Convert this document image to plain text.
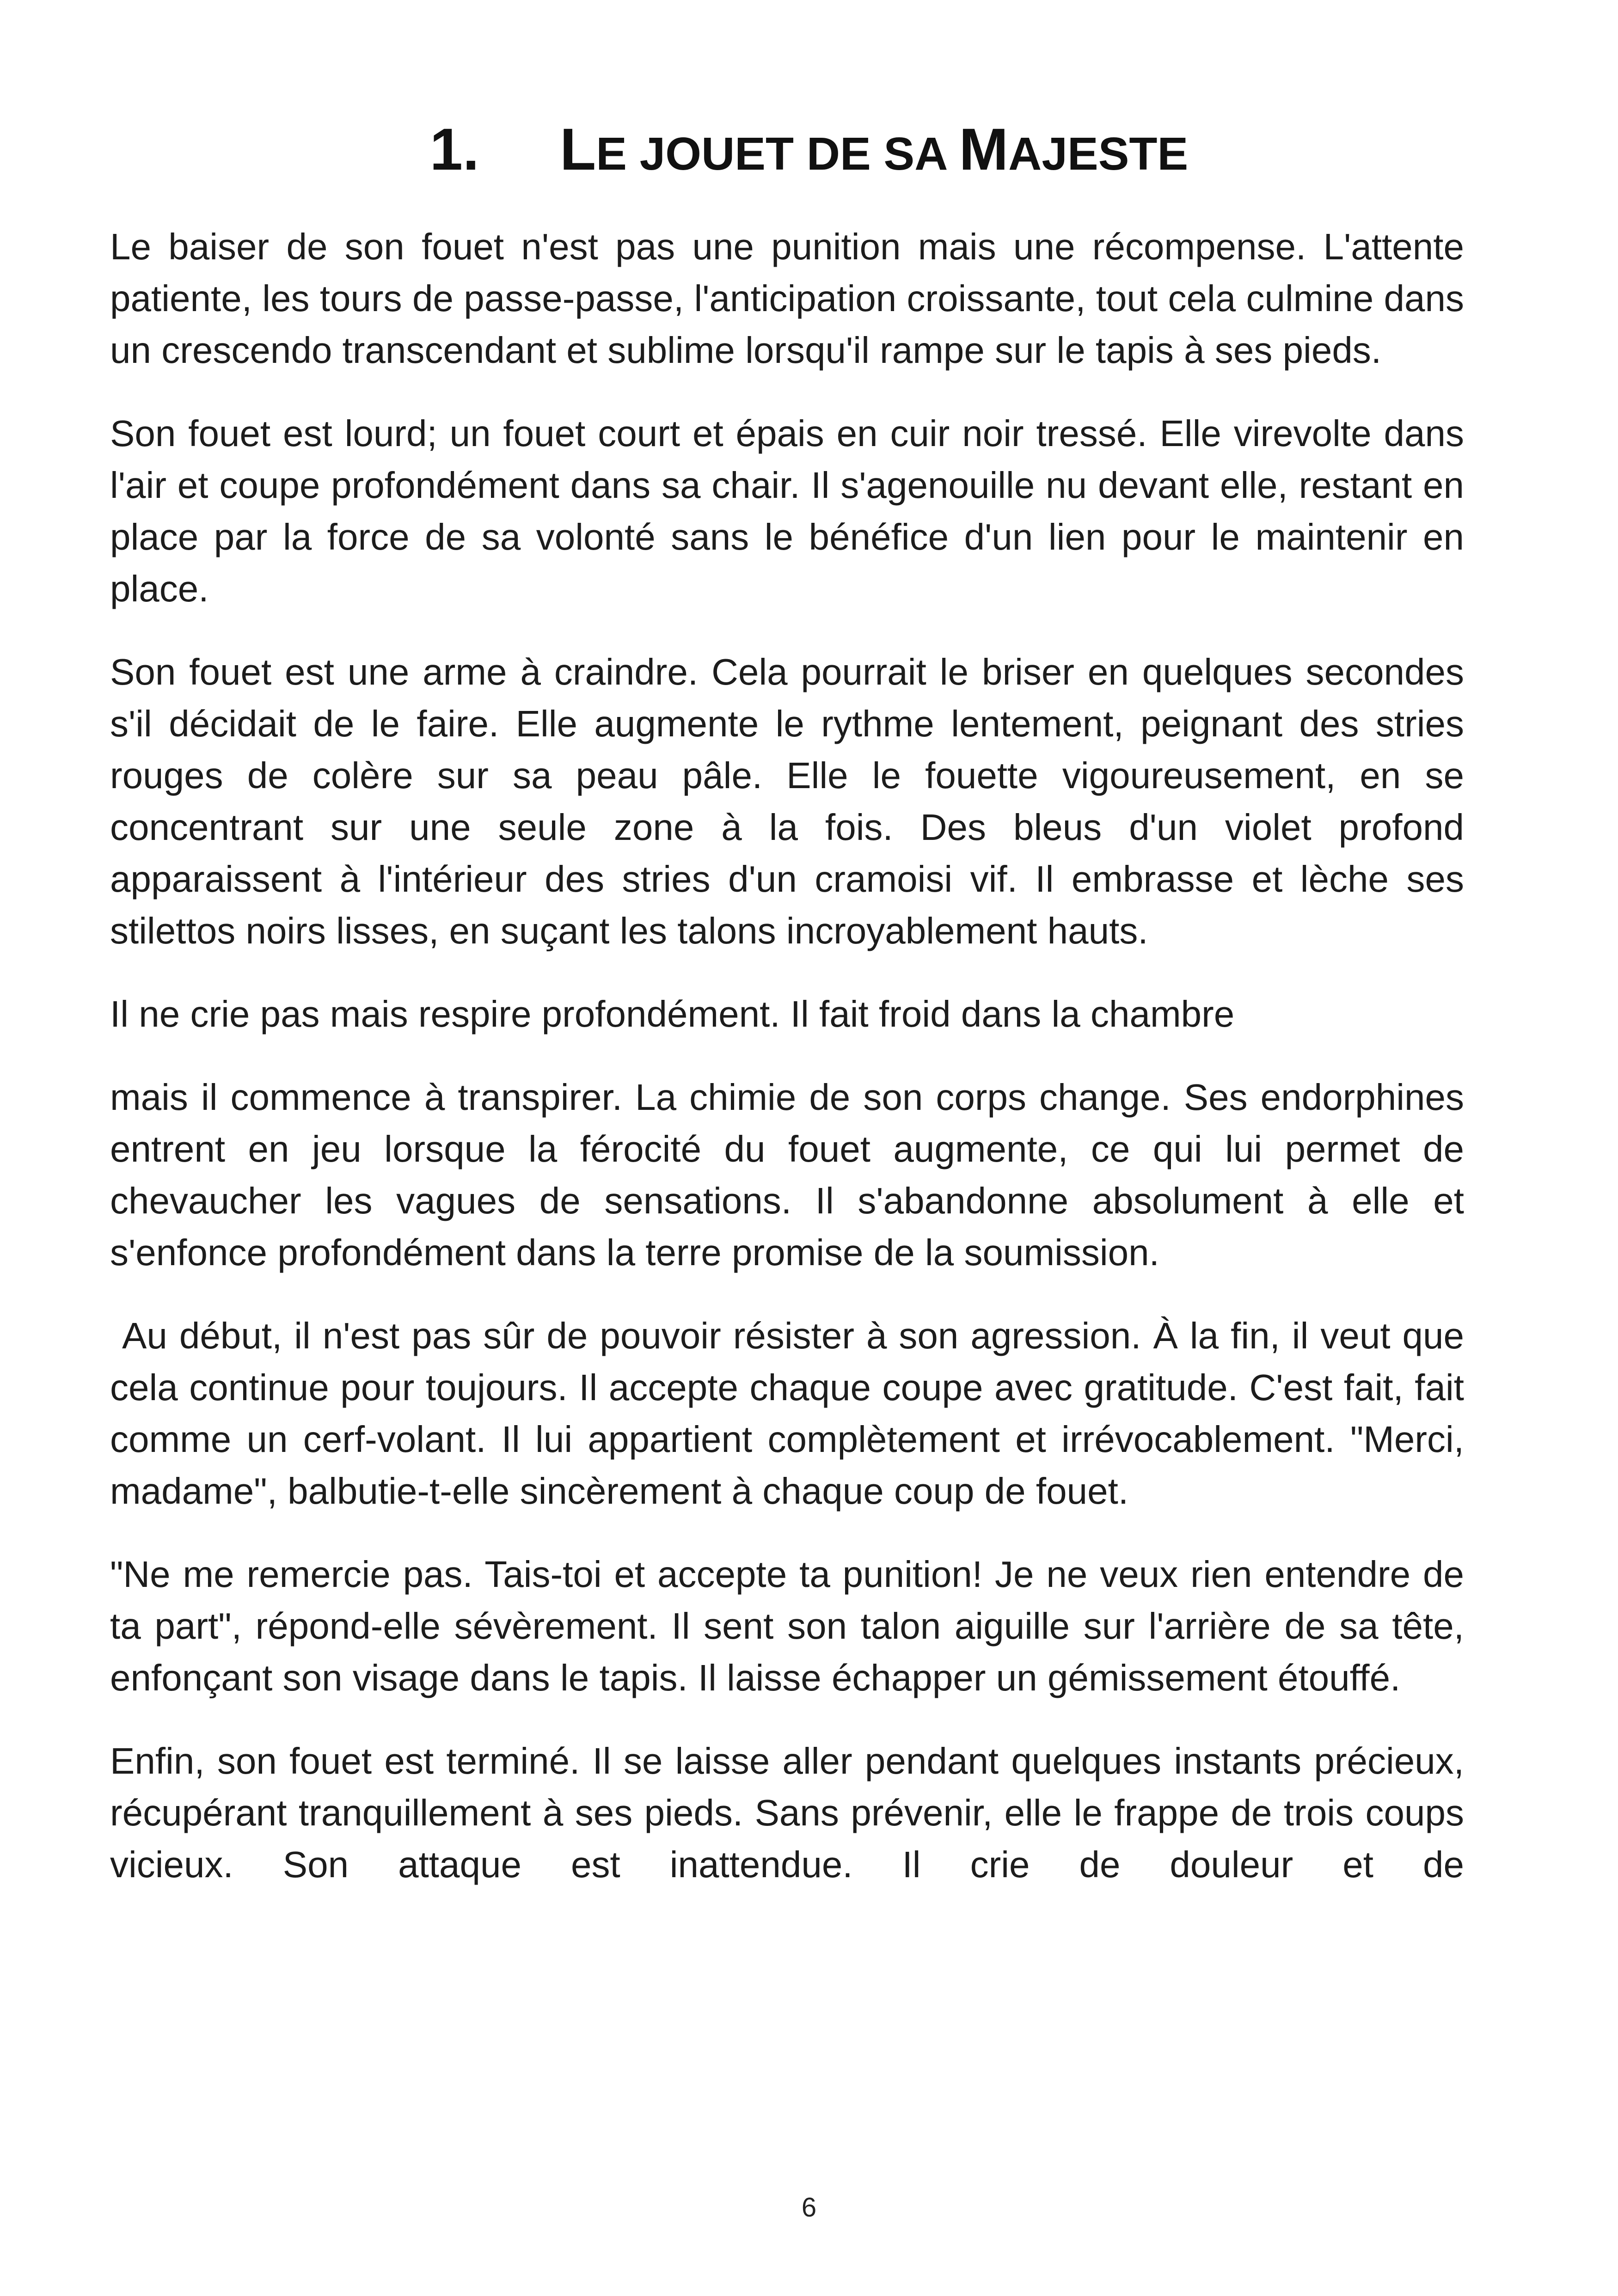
1. LE JOUET DE SA MAJESTE

Le baiser de son fouet n'est pas une punition mais une récompense. L'attente patiente, les tours de passe-passe, l'anticipation croissante, tout cela culmine dans un crescendo transcendant et sublime lorsqu'il rampe sur le tapis à ses pieds.

Son fouet est lourd; un fouet court et épais en cuir noir tressé. Elle virevolte dans l'air et coupe profondément dans sa chair. Il s'agenouille nu devant elle, restant en place par la force de sa volonté sans le bénéfice d'un lien pour le maintenir en place.

Son fouet est une arme à craindre. Cela pourrait le briser en quelques secondes s'il décidait de le faire. Elle augmente le rythme lentement, peignant des stries rouges de colère sur sa peau pâle. Elle le fouette vigoureusement, en se concentrant sur une seule zone à la fois. Des bleus d'un violet profond apparaissent à l'intérieur des stries d'un cramoisi vif. Il embrasse et lèche ses stilettos noirs lisses, en suçant les talons incroyablement hauts.

Il ne crie pas mais respire profondément. Il fait froid dans la chambre

mais il commence à transpirer. La chimie de son corps change. Ses endorphines entrent en jeu lorsque la férocité du fouet augmente, ce qui lui permet de chevaucher les vagues de sensations. Il s'abandonne absolument à elle et s'enfonce profondément dans la terre promise de la soumission.

Au début, il n'est pas sûr de pouvoir résister à son agression. À la fin, il veut que cela continue pour toujours. Il accepte chaque coupe avec gratitude. C'est fait, fait comme un cerf-volant. Il lui appartient complètement et irrévocablement. "Merci, madame", balbutie-t-elle sincèrement à chaque coup de fouet.

"Ne me remercie pas. Tais-toi et accepte ta punition! Je ne veux rien entendre de ta part", répond-elle sévèrement. Il sent son talon aiguille sur l'arrière de sa tête, enfonçant son visage dans le tapis. Il laisse échapper un gémissement étouffé.

Enfin, son fouet est terminé. Il se laisse aller pendant quelques instants précieux, récupérant tranquillement à ses pieds. Sans prévenir, elle le frappe de trois coups vicieux. Son attaque est inattendue. Il crie de douleur et de

6
